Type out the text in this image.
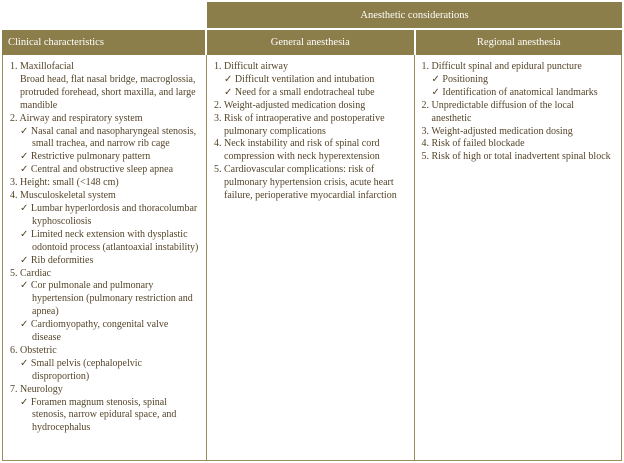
Anesthetic considerations
Clinical characteristics	General anesthesia	Regional anesthesia
1. Maxillofacial
Broad head, flat nasal bridge, macroglossia, protruded forehead, short maxilla, and large mandible
2. Airway and respiratory system
✓ Nasal canal and nasopharyngeal stenosis, small trachea, and narrow rib cage
✓ Restrictive pulmonary pattern
✓ Central and obstructive sleep apnea
3. Height: small (<148 cm)
4. Musculoskeletal system
✓ Lumbar hyperlordosis and thoracolumbar kyphoscoliosis
✓ Limited neck extension with dysplastic odontoid process (atlantoaxial instability)
✓ Rib deformities
5. Cardiac
✓ Cor pulmonale and pulmonary hypertension (pulmonary restriction and apnea)
✓ Cardiomyopathy, congenital valve disease
6. Obstetric
✓ Small pelvis (cephalopelvic disproportion)
7. Neurology
✓ Foramen magnum stenosis, spinal stenosis, narrow epidural space, and hydrocephalus
1. Difficult airway
✓ Difficult ventilation and intubation
✓ Need for a small endotracheal tube
2. Weight-adjusted medication dosing
3. Risk of intraoperative and postoperative pulmonary complications
4. Neck instability and risk of spinal cord compression with neck hyperextension
5. Cardiovascular complications: risk of pulmonary hypertension crisis, acute heart failure, perioperative myocardial infarction
1. Difficult spinal and epidural puncture
✓ Positioning
✓ Identification of anatomical landmarks
2. Unpredictable diffusion of the local anesthetic
3. Weight-adjusted medication dosing
4. Risk of failed blockade
5. Risk of high or total inadvertent spinal block
